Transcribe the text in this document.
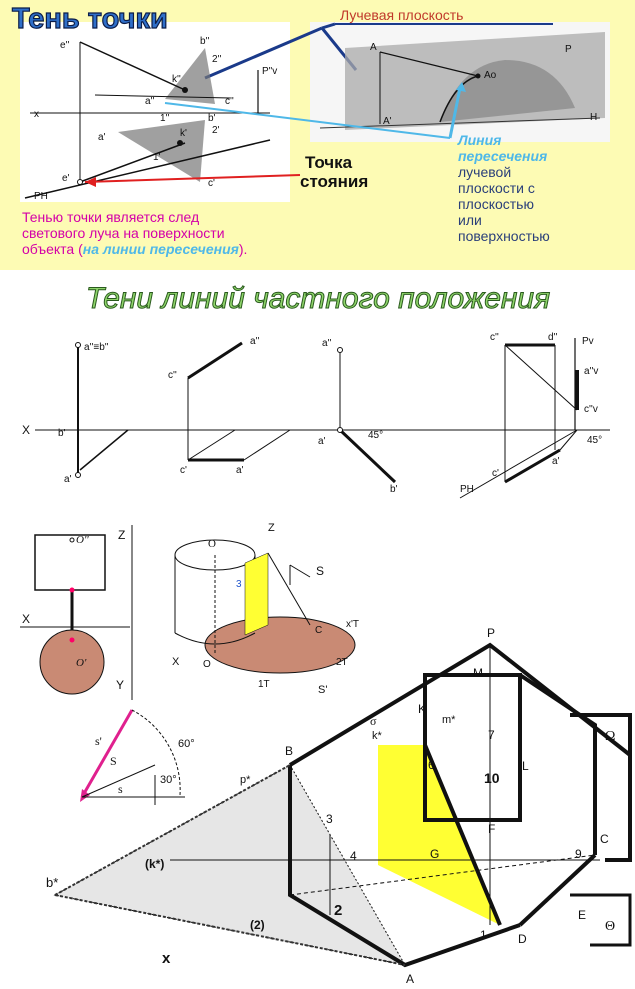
Тень точки	Лучевая плоскость
x
e''	b''
2''
k''
a''	c''
1''
a'
b'
k'	2'
1'
e'	c'
P"v
PH
A	P
Ao
A'	H
Точка
стояния
Тенью точки является след
светового луча на поверхности
объекта (на линии пересечения).
Линия
пересечения
лучевой
плоскости с
плоскостью
или
поверхностью
Тени линий частного положения
X
a''≡b''
b'
a'
a''
c''
c'	a'
a''
a'
b'
45°
c''	d'' Pv
a''v
c''v
c'
a'
45°
PH
Z
X
Y
O''
O'
O
Z
X
S
S'
x'T
O	2T
1T
C
3
s'
S
s
60°
30°
P
M
K
k*
m*
B
p*
L
C
E
D
A
F
G
b*
3
4
6
7
9
1
2
10
(k*)
Ω
Θ
σ
x
(2)
